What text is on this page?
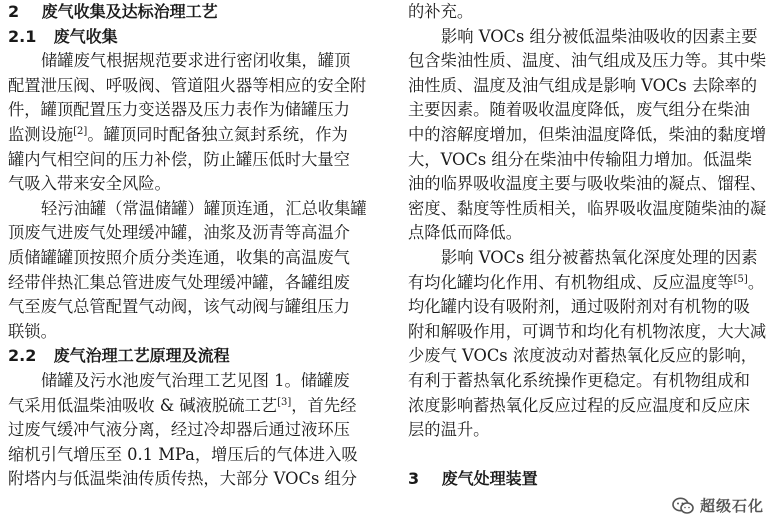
2 废气收集及达标治理工艺
2.1 废气收集
储罐废气根据规范要求进行密闭收集，罐顶
配置泄压阀、呼吸阀、管道阻火器等相应的安全附
件，罐顶配置压力变送器及压力表作为储罐压力
监测设施[2]。罐顶同时配备独立氮封系统，作为
罐内气相空间的压力补偿，防止罐压低时大量空
气吸入带来安全风险。
轻污油罐（常温储罐）罐顶连通，汇总收集罐
顶废气进废气处理缓冲罐，油浆及沥青等高温介
质储罐罐顶按照介质分类连通，收集的高温废气
经带伴热汇集总管进废气处理缓冲罐，各罐组废
气至废气总管配置气动阀，该气动阀与罐组压力
联锁。
2.2 废气治理工艺原理及流程
储罐及污水池废气治理工艺见图 1。储罐废
气采用低温柴油吸收 & 碱液脱硫工艺[3]，首先经
过废气缓冲气液分离，经过冷却器后通过液环压
缩机引气增压至 0.1 MPa，增压后的气体进入吸
附塔内与低温柴油传质传热，大部分 VOCs 组分
的补充。
影响 VOCs 组分被低温柴油吸收的因素主要
包含柴油性质、温度、油气组成及压力等。其中柴
油性质、温度及油气组成是影响 VOCs 去除率的
主要因素。随着吸收温度降低，废气组分在柴油
中的溶解度增加，但柴油温度降低，柴油的黏度增
大，VOCs 组分在柴油中传输阻力增加。低温柴
油的临界吸收温度主要与吸收柴油的凝点、馏程、
密度、黏度等性质相关，临界吸收温度随柴油的凝
点降低而降低。
影响 VOCs 组分被蓄热氧化深度处理的因素
有均化罐均化作用、有机物组成、反应温度等[5]。
均化罐内设有吸附剂，通过吸附剂对有机物的吸
附和解吸作用，可调节和均化有机物浓度，大大减
少废气 VOCs 浓度波动对蓄热氧化反应的影响，
有利于蓄热氧化系统操作更稳定。有机物组成和
浓度影响蓄热氧化反应过程的反应温度和反应床
层的温升。
3 废气处理装置
超级石化
